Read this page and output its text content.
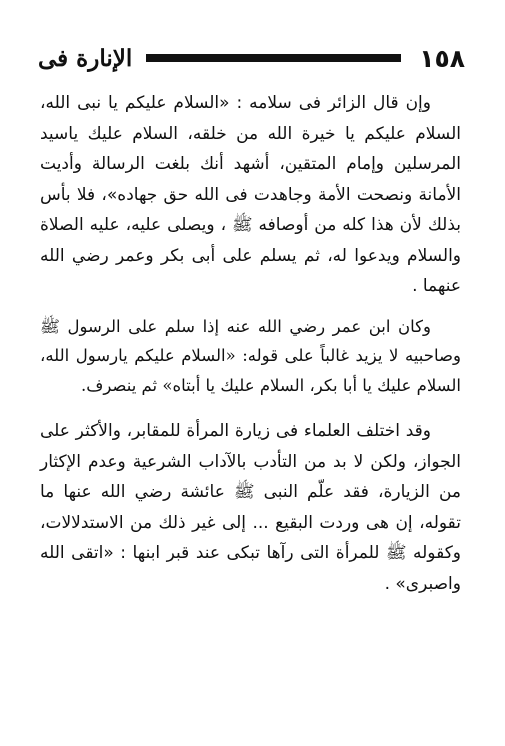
١٥٨
الإنارة فى

وإن قال الزائر فى سلامه : «السلام عليكم يا نبى الله، السلام عليكم يا خيرة الله من خلقه، السلام عليك ياسيد المرسلين وإمام المتقين، أشهد أنك بلغت الرسالة وأديت الأمانة ونصحت الأمة وجاهدت فى الله حق جهاده»، فلا بأس بذلك لأن هذا كله من أوصافه ﷺ ، ويصلى عليه، عليه الصلاة والسلام ويدعوا له، ثم يسلم على أبى بكر وعمر رضي الله عنهما .

وكان ابن عمر رضي الله عنه إذا سلم على الرسول ﷺ وصاحبيه لا يزيد غالباً على قوله: «السلام عليكم يارسول الله، السلام عليك يا أبا بكر، السلام عليك يا أبتاه» ثم ينصرف.

وقد اختلف العلماء فى زيارة المرأة للمقابر، والأكثر على الجواز، ولكن لا بد من التأدب بالآداب الشرعية وعدم الإكثار من الزيارة، فقد علّم النبى ﷺ عائشة رضي الله عنها ما تقوله، إن هى وردت البقيع ... إلى غير ذلك من الاستدلالات، وكقوله ﷺ للمرأة التى رآها تبكى عند قبر ابنها : «اتقى الله واصبرى» .
